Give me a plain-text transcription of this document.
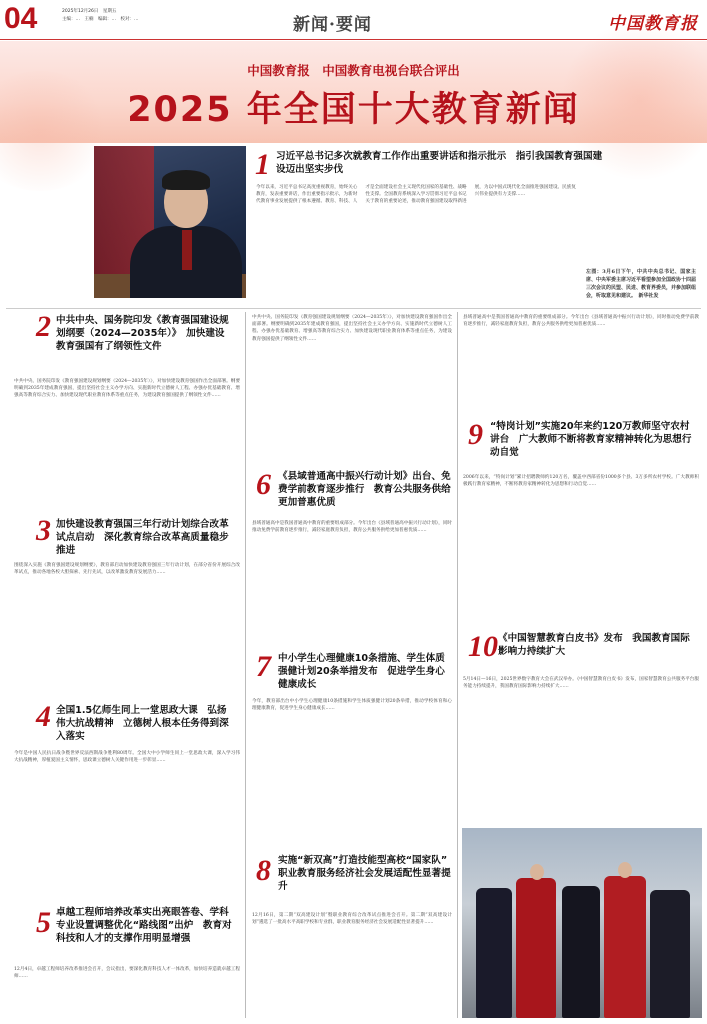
04	2025年12月26日　星期五
主编：…　王楠　编辑：…　校对：…	新闻·要闻	中国教育报
中国教育报　中国教育电视台联合评出
2025 年全国十大教育新闻
1 习近平总书记多次就教育工作作出重要讲话和指示批示　指引我国教育强国建设迈出坚实步伐
今年以来，习近平总书记高度重视教育，始终关心教育，发表重要讲话，作出重要指示批示，为新时代教育事业发展提供了根本遵循。教育、科技、人才是全面建设社会主义现代化国家的基础性、战略性支撑。全国教育系统深入学习贯彻习近平总书记关于教育的重要论述，推动教育强国建设取得新进展，为以中国式现代化全面推进强国建设、民族复兴伟业提供有力支撑……
左图：3月6日下午，中共中央总书记、国家主席、中央军委主席习近平看望参加全国政协十四届三次会议的民盟、民进、教育界委员，并参加联组会，听取意见和建议。　新华社发
2 中共中央、国务院印发《教育强国建设规划纲要（2024—2035年）》　加快建设教育强国有了纲领性文件
中共中央、国务院印发《教育强国建设规划纲要（2024—2035年）》，对加快建设教育强国作出全面部署。纲要明确到2035年建成教育强国，提出坚持社会主义办学方向、实施新时代立德树人工程、办强办优基础教育、增强高等教育综合实力、加快建设现代职业教育体系等重点任务，为建设教育强国提供了纲领性文件……
3 加快建设教育强国三年行动计划综合改革试点启动　深化教育综合改革高质量稳步推进
围绕深入实施《教育强国建设规划纲要》，教育部启动加快建设教育强国三年行动计划，在部分省份开展综合改革试点，推动各地各校大胆探索、先行先试，以改革激发教育发展活力……
4 全国1.5亿师生同上一堂思政大课　弘扬伟大抗战精神　立德树人根本任务得到深入落实
今年是中国人民抗日战争暨世界反法西斯战争胜利80周年。全国大中小学师生同上一堂思政大课，深入学习伟大抗战精神，厚植爱国主义情怀，思政课立德树人关键作用进一步彰显……
5 卓越工程师培养改革实出亮眼答卷、学科专业设置调整优化“路线图”出炉　教育对科技和人才的支撑作用明显增强
12月4日，卓越工程师培养改革推进会召开，会议指出，要深化教育科技人才一体改革，加快培养造就卓越工程师……
中共中央、国务院印发《教育强国建设规划纲要（2024—2035年）》，对加快建设教育强国作出全面部署。纲要明确到2035年建成教育强国，提出坚持社会主义办学方向、实施新时代立德树人工程、办强办优基础教育、增强高等教育综合实力、加快建设现代职业教育体系等重点任务，为建设教育强国提供了纲领性文件……
6 《县域普通高中振兴行动计划》出台、免费学前教育逐步推行　教育公共服务供给更加普惠优质
县域普通高中是我国普通高中教育的重要组成部分。今年出台《县域普通高中振兴行动计划》，同时推动免费学前教育逐步推行，减轻家庭教育负担，教育公共服务供给更加普惠优质……
7 中小学生心理健康10条措施、学生体质强健计划20条举措发布　促进学生身心健康成长
今年，教育部出台中小学生心理健康10条措施和学生体质强健计划20条举措，推动学校体育和心理健康教育，促进学生身心健康成长……
8 实施“新双高”打造技能型高校“国家队”　职业教育服务经济社会发展适配性显著提升
12月16日，第二期“双高建设计划”暨职业教育综合改革试点推进会召开。第二期“双高建设计划”遴选了一批高水平高职学校和专业群，职业教育服务经济社会发展适配性显著提升……
县域普通高中是我国普通高中教育的重要组成部分。今年出台《县域普通高中振兴行动计划》，同时推动免费学前教育逐步推行，减轻家庭教育负担，教育公共服务供给更加普惠优质……
9 “特岗计划”实施20年来约120万教师坚守农村讲台　广大教师不断将教育家精神转化为思想行动自觉
2006年以来，“特岗计划”累计招聘教师约120万名，覆盖中西部省份1000多个县、3万多所农村学校。广大教师积极践行教育家精神，不断将教育家精神转化为思想和行动自觉……
10 《中国智慧教育白皮书》发布　我国教育国际影响力持续扩大
5月14日—16日，2025世界数字教育大会在武汉举办。《中国智慧教育白皮书》发布，国家智慧教育公共服务平台服务能力持续提升，我国教育国际影响力持续扩大……
